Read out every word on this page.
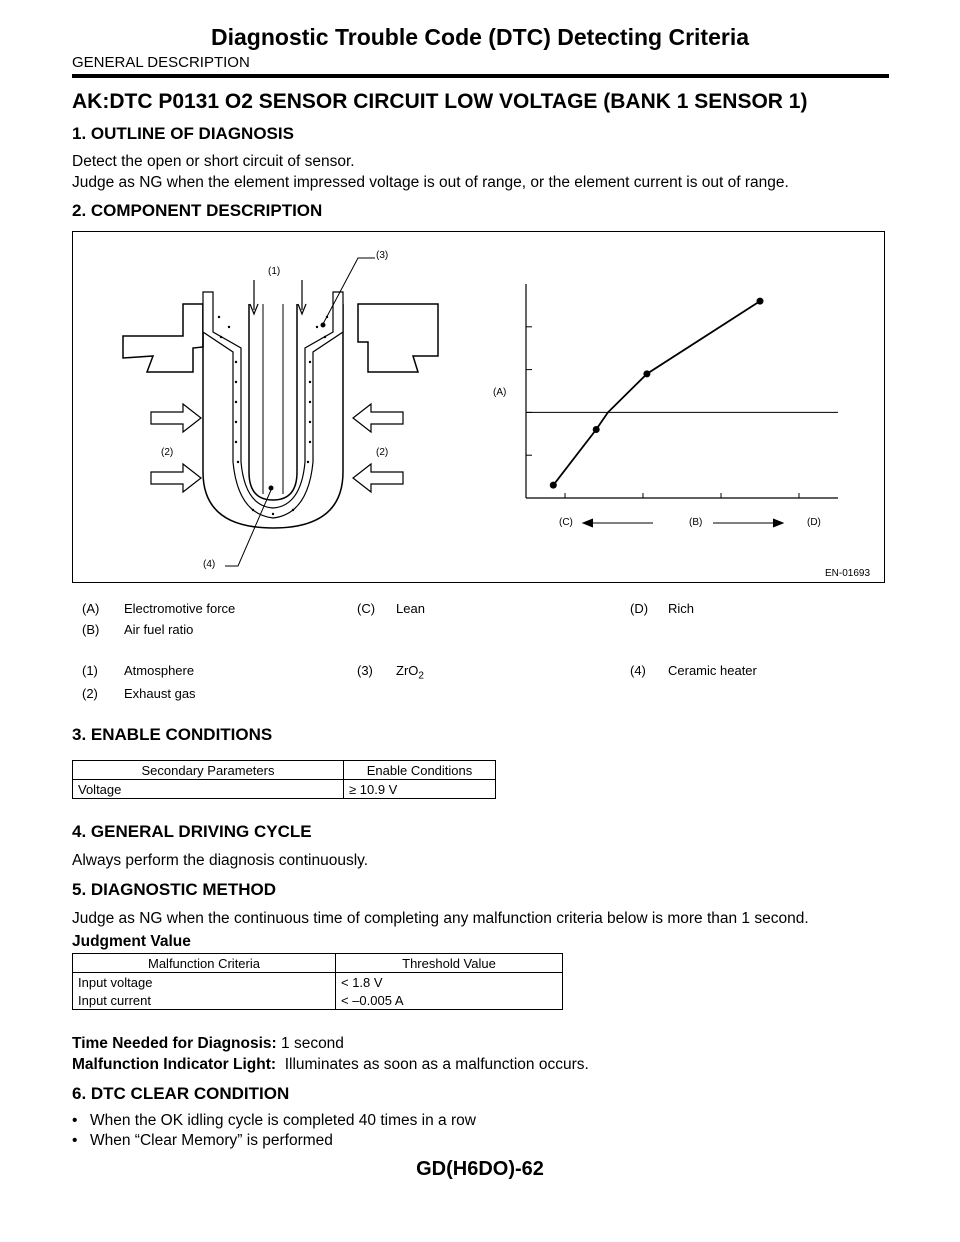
Diagnostic Trouble Code (DTC) Detecting Criteria
GENERAL DESCRIPTION
AK:DTC P0131 O2 SENSOR CIRCUIT LOW VOLTAGE (BANK 1 SENSOR 1)
1. OUTLINE OF DIAGNOSIS
Detect the open or short circuit of sensor.
Judge as NG when the element impressed voltage is out of range, or the element current is out of range.
2. COMPONENT DESCRIPTION
(1)
(3)
(2)	(2)
(4)
(A)
(C)	(B)	(D)
EN-01693
(A) Electromotive force	(C) Lean	(D) Rich
(B) Air fuel ratio
(1) Atmosphere	(3) ZrO$_2$	(4) Ceramic heater
(2) Exhaust gas
3. ENABLE CONDITIONS
Secondary Parameters	Enable Conditions
Voltage	≥ 10.9 V
4. GENERAL DRIVING CYCLE
Always perform the diagnosis continuously.
5. DIAGNOSTIC METHOD
Judge as NG when the continuous time of completing any malfunction criteria below is more than 1 second.
Judgment Value
Malfunction Criteria	Threshold Value
Input voltage	< 1.8 V
Input current	< –0.005 A
Time Needed for Diagnosis: 1 second
Malfunction Indicator Light: Illuminates as soon as a malfunction occurs.
6. DTC CLEAR CONDITION
• When the OK idling cycle is completed 40 times in a row
• When “Clear Memory” is performed
GD(H6DO)-62
